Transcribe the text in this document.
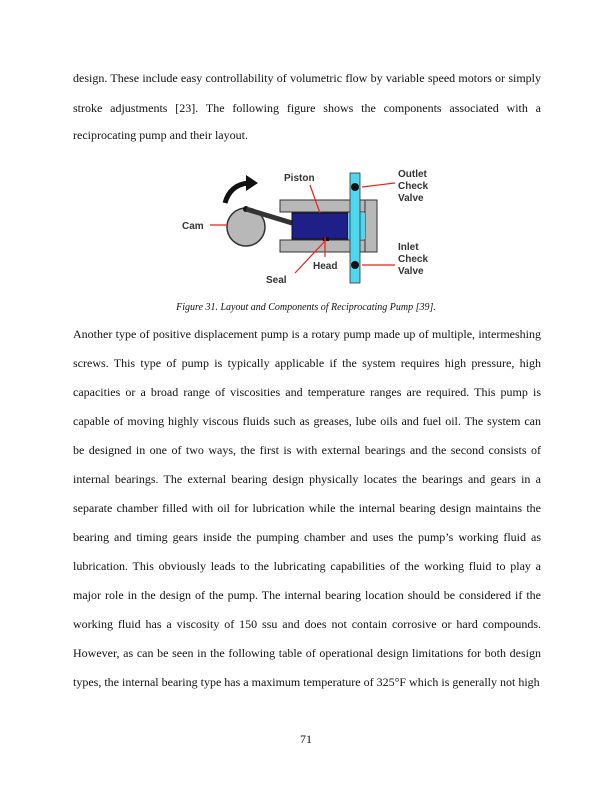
design. These include easy controllability of volumetric flow by variable speed motors or simply
stroke adjustments [23]. The following figure shows the components associated with a
reciprocating pump and their layout.
Cam
Piston	Outlet
Check
Valve
Inlet
Check
Valve
Head
Seal
Figure 31. Layout and Components of Reciprocating Pump [39].
Another type of positive displacement pump is a rotary pump made up of multiple, intermeshing
screws. This type of pump is typically applicable if the system requires high pressure, high
capacities or a broad range of viscosities and temperature ranges are required. This pump is
capable of moving highly viscous fluids such as greases, lube oils and fuel oil. The system can
be designed in one of two ways, the first is with external bearings and the second consists of
internal bearings. The external bearing design physically locates the bearings and gears in a
separate chamber filled with oil for lubrication while the internal bearing design maintains the
bearing and timing gears inside the pumping chamber and uses the pump’s working fluid as
lubrication. This obviously leads to the lubricating capabilities of the working fluid to play a
major role in the design of the pump. The internal bearing location should be considered if the
working fluid has a viscosity of 150 ssu and does not contain corrosive or hard compounds.
However, as can be seen in the following table of operational design limitations for both design
types, the internal bearing type has a maximum temperature of 325°F which is generally not high
71
